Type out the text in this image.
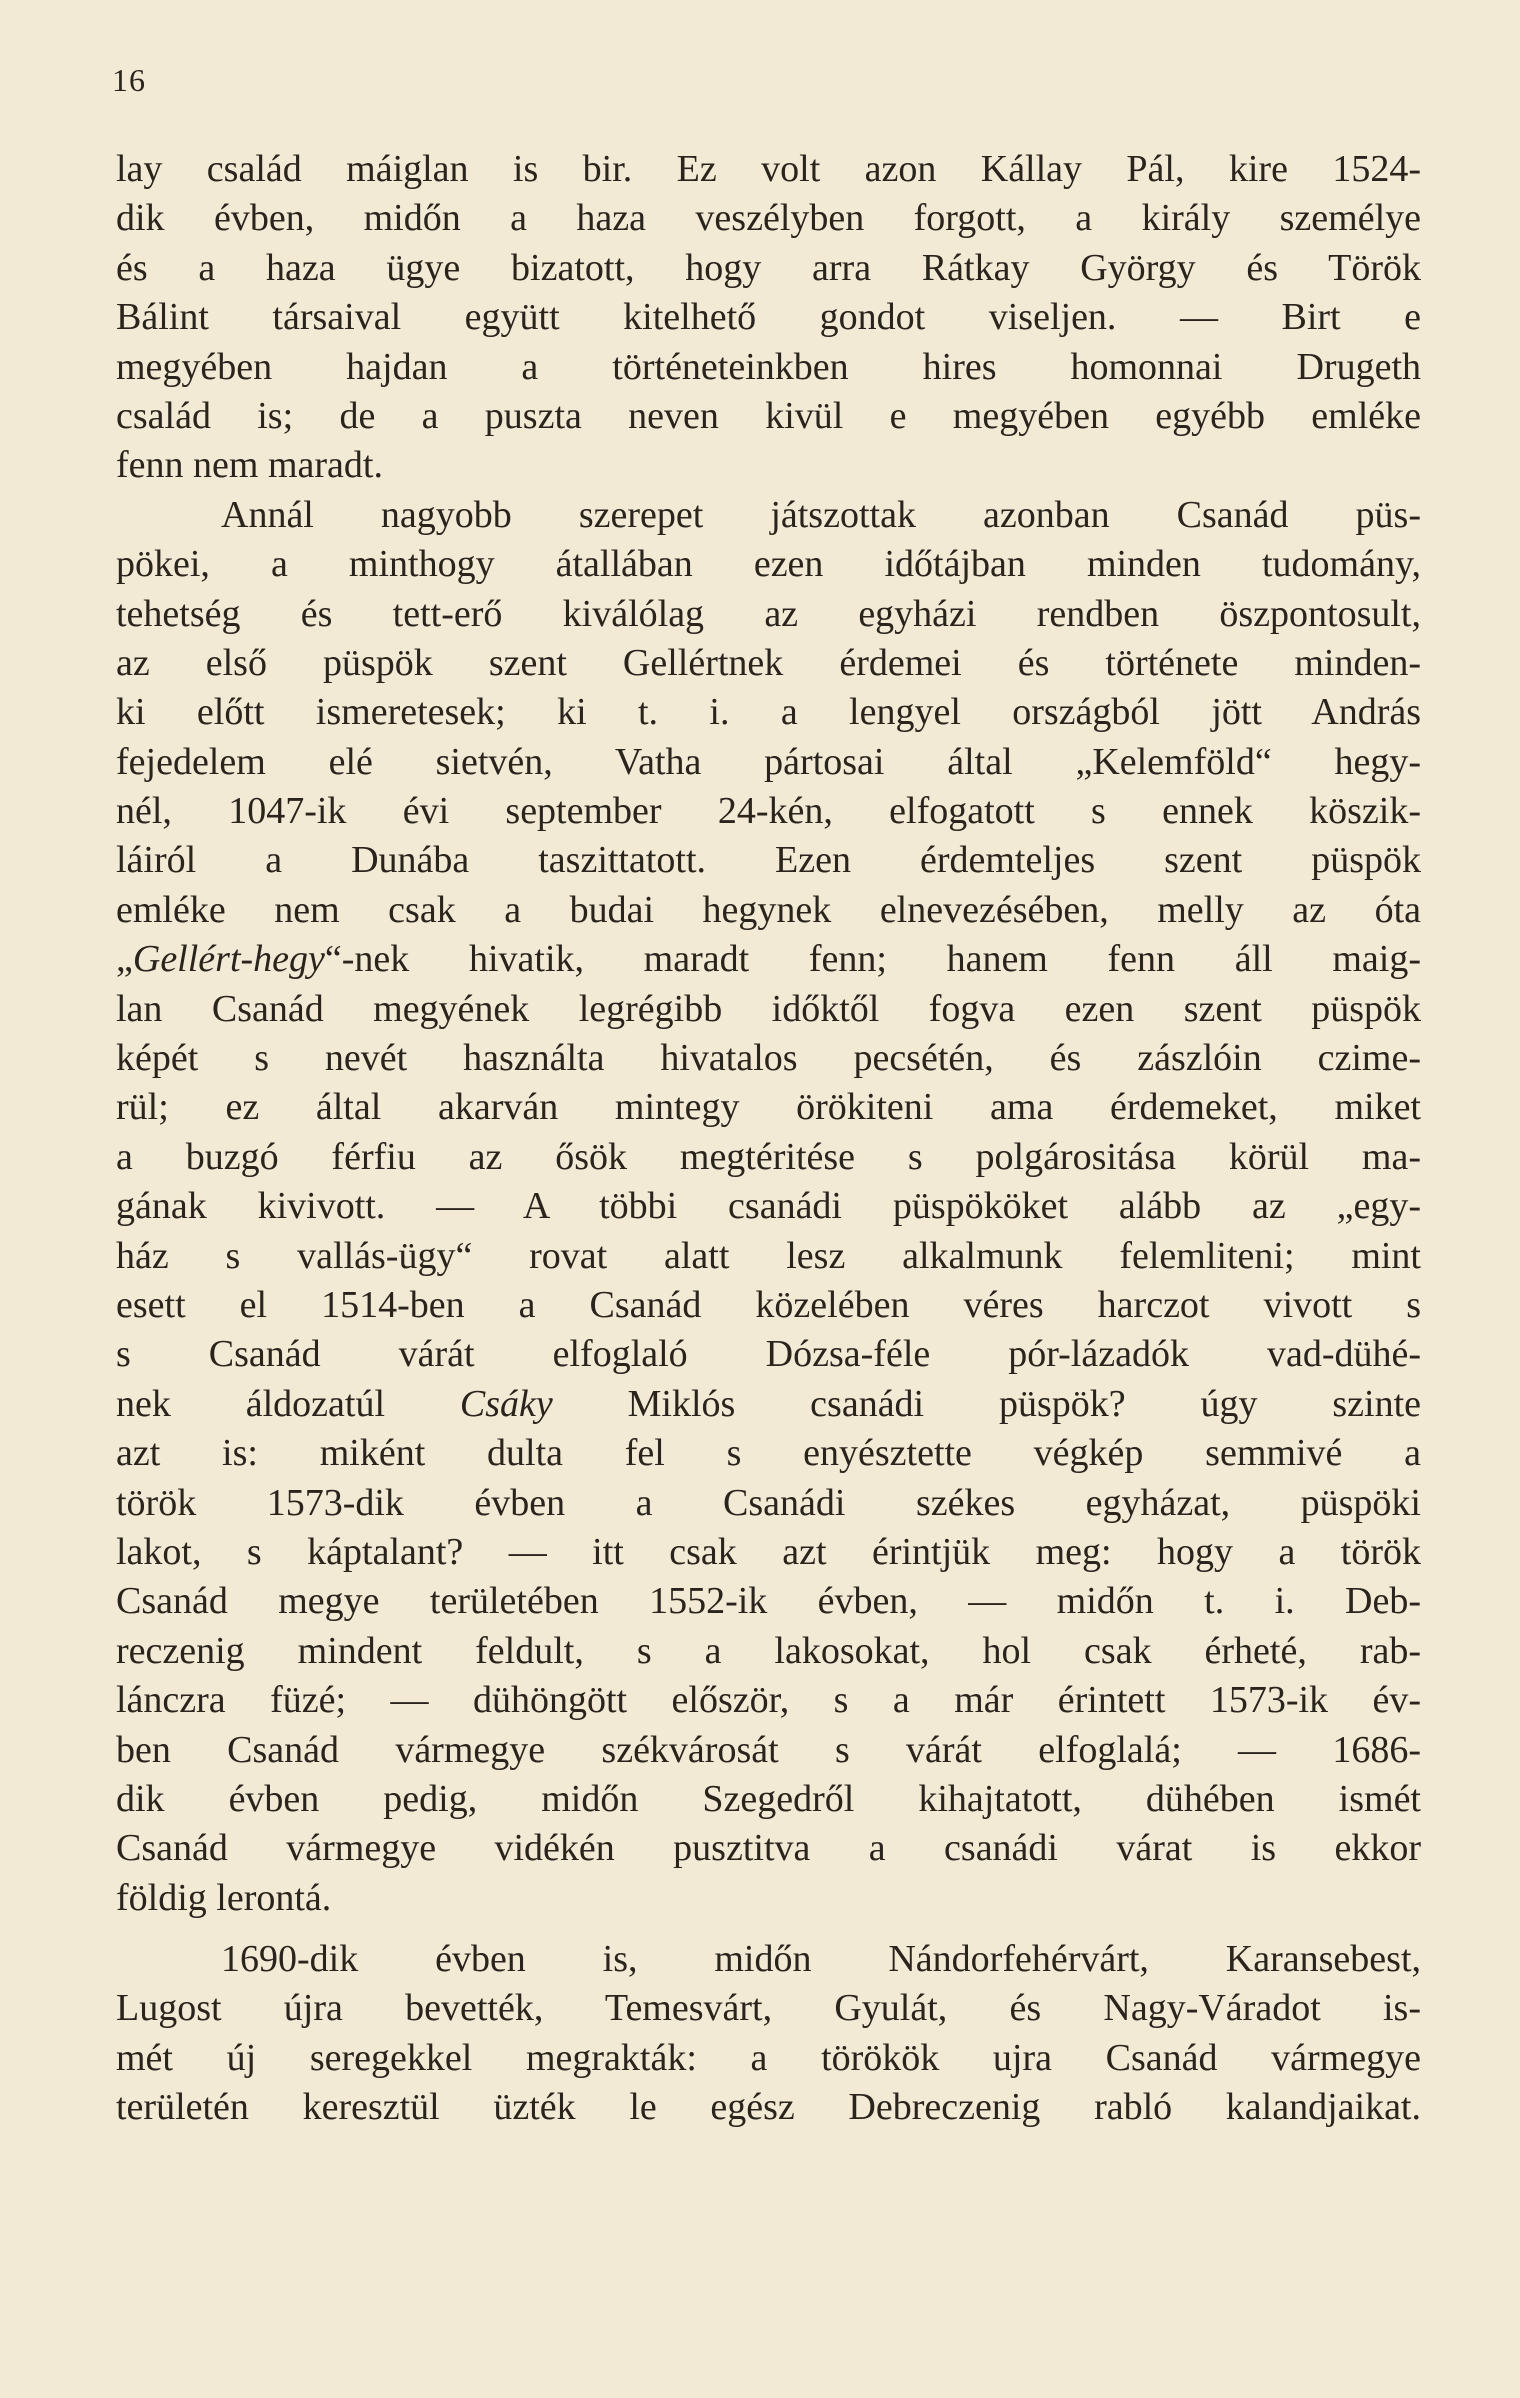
16
lay család máiglan is bir. Ez volt azon Kállay Pál, kire 1524-
dik évben, midőn a haza veszélyben forgott, a király személye
és a haza ügye bizatott, hogy arra Rátkay György és Török
Bálint társaival együtt kitelhető gondot viseljen. — Birt e
megyében hajdan a történeteinkben hires homonnai Drugeth
család is; de a puszta neven kivül e megyében egyébb emléke
fenn nem maradt.
Annál nagyobb szerepet játszottak azonban Csanád püs-
pökei, a minthogy átallában ezen időtájban minden tudomány,
tehetség és tett-erő kiválólag az egyházi rendben öszpontosult,
az első püspök szent Gellértnek érdemei és története minden-
ki előtt ismeretesek; ki t. i. a lengyel országból jött András
fejedelem elé sietvén, Vatha pártosai által „Kelemföld“ hegy-
nél, 1047-ik évi september 24-kén, elfogatott s ennek köszik-
láiról a Dunába taszittatott. Ezen érdemteljes szent püspök
emléke nem csak a budai hegynek elnevezésében, melly az óta
„Gellért-hegy“-nek hivatik, maradt fenn; hanem fenn áll maig-
lan Csanád megyének legrégibb időktől fogva ezen szent püspök
képét s nevét használta hivatalos pecsétén, és zászlóin czime-
rül; ez által akarván mintegy örökiteni ama érdemeket, miket
a buzgó férfiu az ősök megtéritése s polgárositása körül ma-
gának kivivott. — A többi csanádi püspököket alább az „egy-
ház s vallás-ügy“ rovat alatt lesz alkalmunk felemliteni; mint
esett el 1514-ben a Csanád közelében véres harczot vivott s
s Csanád várát elfoglaló Dózsa-féle pór-lázadók vad-dühé-
nek áldozatúl Csáky Miklós csanádi püspök? úgy szinte
azt is: miként dulta fel s enyésztette végkép semmivé a
török 1573-dik évben a Csanádi székes egyházat, püspöki
lakot, s káptalant? — itt csak azt érintjük meg: hogy a török
Csanád megye területében 1552-ik évben, — midőn t. i. Deb-
reczenig mindent feldult, s a lakosokat, hol csak érheté, rab-
lánczra füzé; — dühöngött először, s a már érintett 1573-ik év-
ben Csanád vármegye székvárosát s várát elfoglalá; — 1686-
dik évben pedig, midőn Szegedről kihajtatott, dühében ismét
Csanád vármegye vidékén pusztitva a csanádi várat is ekkor
földig lerontá.
1690-dik évben is, midőn Nándorfehérvárt, Karansebest,
Lugost újra bevették, Temesvárt, Gyulát, és Nagy-Váradot is-
mét új seregekkel megrakták: a törökök ujra Csanád vármegye
területén keresztül üzték le egész Debreczenig rabló kalandjaikat.
